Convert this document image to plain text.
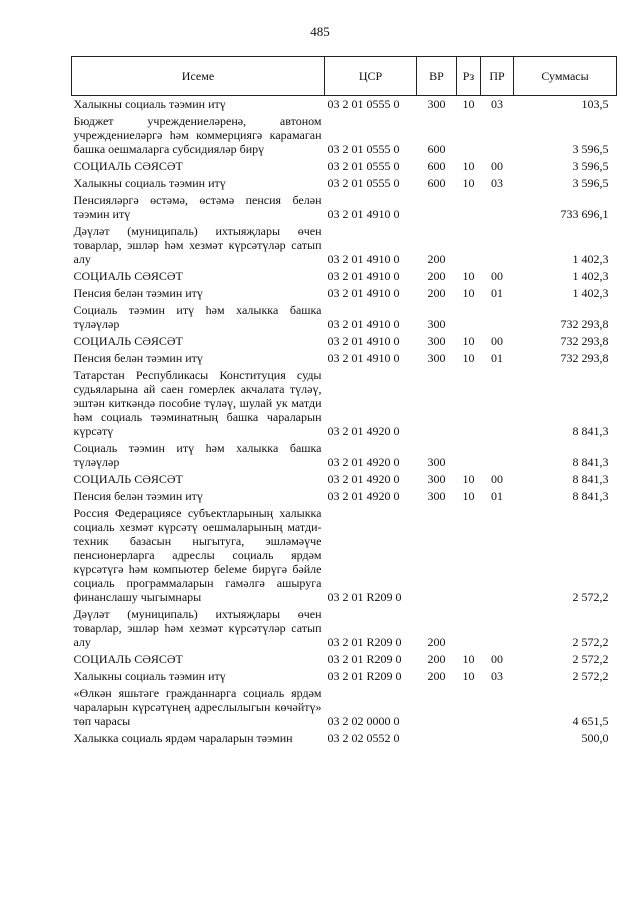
485
Исеме	ЦСР	ВР	Рз	ПР	Суммасы
Халыкны социаль тәэмин итү	03 2 01 0555 0	300	10	03	103,5
Бюджет учреждениеләренә, автоном учреждениеләргә һәм коммерциягә карамаган башка оешмаларга субсидияләр бирү	03 2 01 0555 0	600			3 596,5
СОЦИАЛЬ СӘЯСӘТ	03 2 01 0555 0	600	10	00	3 596,5
Халыкны социаль тәэмин итү	03 2 01 0555 0	600	10	03	3 596,5
Пенсияләргә өстәмә, өстәмә пенсия белән тәэмин итү	03 2 01 4910 0				733 696,1
Дәүләт (муниципаль) ихтыяҗлары өчен товарлар, эшләр һәм хезмәт күрсәтүләр сатып алу	03 2 01 4910 0	200			1 402,3
СОЦИАЛЬ СӘЯСӘТ	03 2 01 4910 0	200	10	00	1 402,3
Пенсия белән тәэмин итү	03 2 01 4910 0	200	10	01	1 402,3
Социаль тәэмин итү һәм халыкка башка түләүләр	03 2 01 4910 0	300			732 293,8
СОЦИАЛЬ СӘЯСӘТ	03 2 01 4910 0	300	10	00	732 293,8
Пенсия белән тәэмин итү	03 2 01 4910 0	300	10	01	732 293,8
Татарстан Республикасы Конституция суды судьяларына ай саен гомерлек акчалата түләү, эштән киткәндә пособие түләү, шулай ук матди һәм социаль тәэминатның башка чараларын күрсәтү	03 2 01 4920 0				8 841,3
Социаль тәэмин итү һәм халыкка башка түләүләр	03 2 01 4920 0	300			8 841,3
СОЦИАЛЬ СӘЯСӘТ	03 2 01 4920 0	300	10	00	8 841,3
Пенсия белән тәэмин итү	03 2 01 4920 0	300	10	01	8 841,3
Россия Федерациясе субъектларының халыкка социаль хезмәт күрсәтү оешмаларының матди-техник базасын ныгытуга, эшләмәүче пенсионерларга адреслы социаль ярдәм күрсәтүгә һәм компьютер беleме бирүгә бәйле социаль программаларын гамәлгә ашыруга финанслашу чыгымнары	03 2 01 R209 0				2 572,2
Дәүләт (муниципаль) ихтыяҗлары өчен товарлар, эшләр һәм хезмәт күрсәтүләр сатып алу	03 2 01 R209 0	200			2 572,2
СОЦИАЛЬ СӘЯСӘТ	03 2 01 R209 0	200	10	00	2 572,2
Халыкны социаль тәэмин итү	03 2 01 R209 0	200	10	03	2 572,2
«Өлкән яшьтәге гражданнарга социаль ярдәм чараларын күрсәтүнең адреслылыгын көчәйтү» төп чарасы	03 2 02 0000 0				4 651,5
Халыкка социаль ярдәм чараларын тәэмин	03 2 02 0552 0				500,0
